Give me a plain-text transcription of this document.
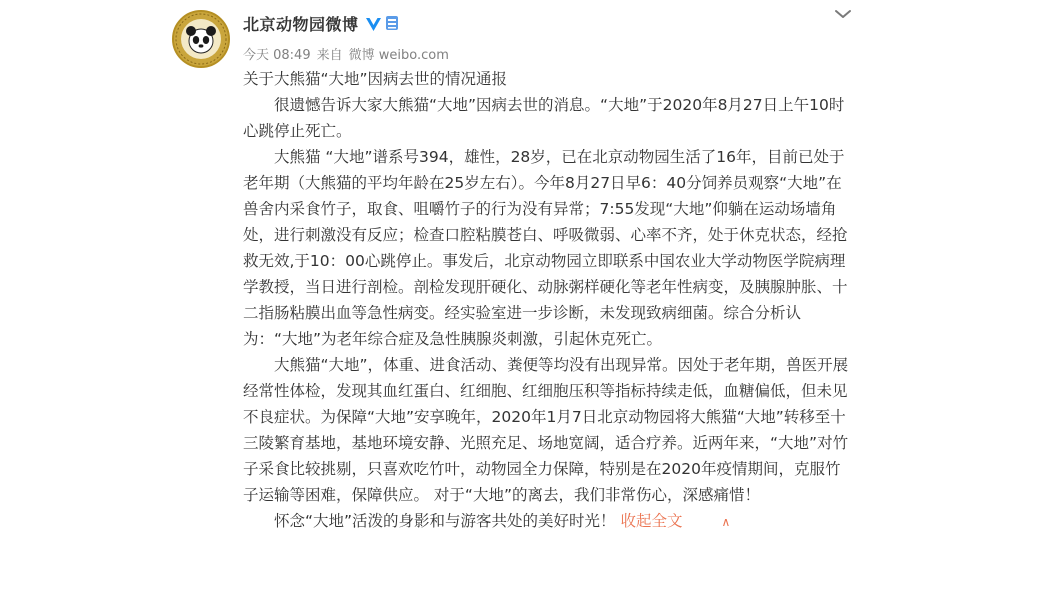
北京动物园微博
今天 08:49 来自 微博 weibo.com

关于大熊猫“大地”因病去世的情况通报

很遗憾告诉大家大熊猫“大地”因病去世的消息。“大地”于2020年8月27日上午10时心跳停止死亡。

大熊猫 “大地”谱系号394，雄性，28岁，已在北京动物园生活了16年，目前已处于老年期（大熊猫的平均年龄在25岁左右）。今年8月27日早6：40分饲养员观察“大地”在兽舍内采食竹子，取食、咀嚼竹子的行为没有异常；7:55发现“大地”仰躺在运动场墙角处，进行刺激没有反应；检查口腔粘膜苍白、呼吸微弱、心率不齐，处于休克状态，经抢救无效,于10：00心跳停止。事发后，北京动物园立即联系中国农业大学动物医学院病理学教授，当日进行剖检。剖检发现肝硬化、动脉粥样硬化等老年性病变，及胰腺肿胀、十二指肠粘膜出血等急性病变。经实验室进一步诊断，未发现致病细菌。综合分析认为：“大地”为老年综合症及急性胰腺炎刺激，引起休克死亡。

大熊猫“大地”，体重、进食活动、粪便等均没有出现异常。因处于老年期，兽医开展经常性体检，发现其血红蛋白、红细胞、红细胞压积等指标持续走低，血糖偏低，但未见不良症状。为保障“大地”安享晚年，2020年1月7日北京动物园将大熊猫“大地”转移至十三陵繁育基地，基地环境安静、光照充足、场地宽阔，适合疗养。近两年来，“大地”对竹子采食比较挑剔，只喜欢吃竹叶，动物园全力保障，特别是在2020年疫情期间，克服竹子运输等困难，保障供应。 对于“大地”的离去，我们非常伤心，深感痛惜！

怀念“大地”活泼的身影和与游客共处的美好时光！ 收起全文	∧
